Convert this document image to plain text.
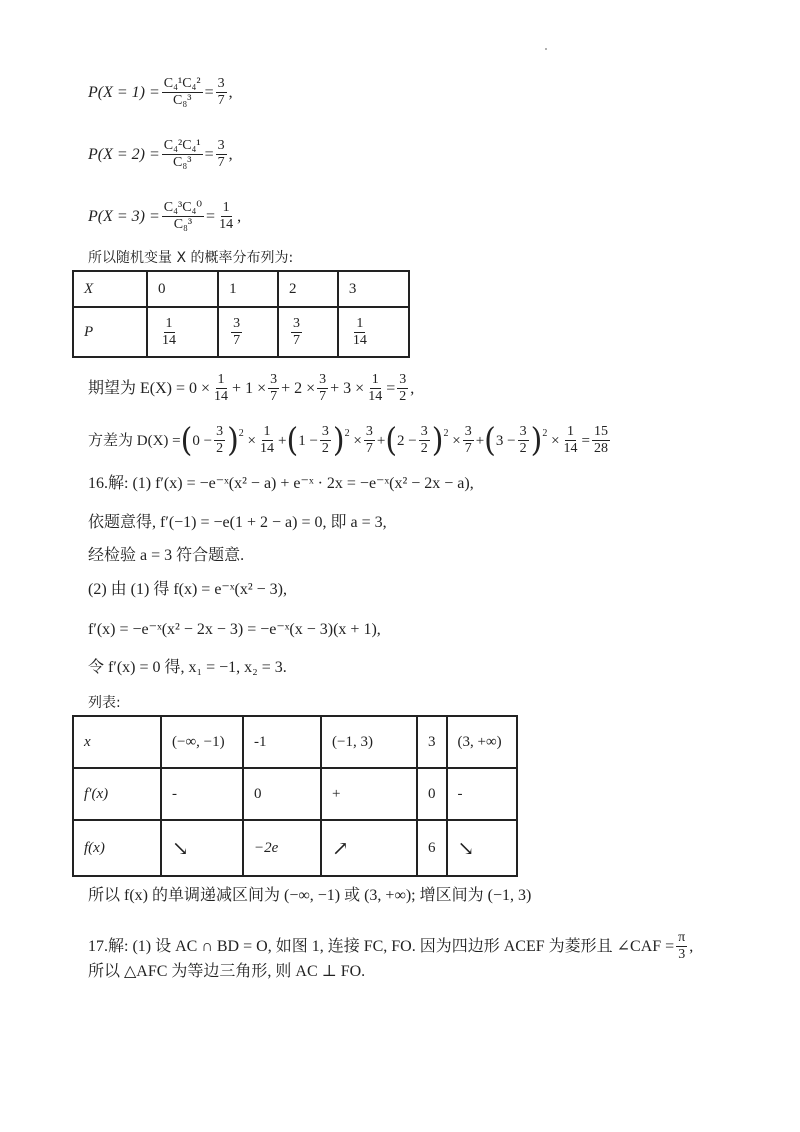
$P(X = 1) = \frac{\text{C₄¹C₄²}}{\text{C₈³}} = \frac{3}{7}$ ,
$P(X = 2) = \frac{\text{C₄²C₄¹}}{\text{C₈³}} = \frac{3}{7}$ ,
$P(X = 3) = \frac{\text{C₄³C₄⁰}}{\text{C₈³}} = \frac{1}{14}$ ,
所以随机变量 X 的概率分布列为:
X	0	1	2	3
P	$\frac{1}{14}$	$\frac{3}{7}$	$\frac{3}{7}$	$\frac{1}{14}$
期望为 $E(X) = 0 \times \frac{1}{14} + 1 \times \frac{3}{7} + 2 \times \frac{3}{7} + 3 \times \frac{1}{14} = \frac{3}{2}$ ,
方差为 D(X) = ( $0 - \frac{3}{2} )^2 \times \frac{1}{14}$ + ( $1 - \frac{3}{2} )^2 \times \frac{3}{7}$ + ( $2 - \frac{3}{2} )^2 \times \frac{3}{7}$ + ( $3 - \frac{3}{2} )^2 \times \frac{1}{14} = \frac{15}{28}$
16.解: (1) f′(x) = −e⁻ˣ(x² − a) + e⁻ˣ · 2x = −e⁻ˣ(x² − 2x − a),
依题意得, f′(−1) = −e(1 + 2 − a) = 0, 即 a = 3,
经检验 a = 3 符合题意.
(2) 由 (1) 得 f(x) = e⁻ˣ(x² − 3),
f′(x) = −e⁻ˣ(x² − 2x − 3) = −e⁻ˣ(x − 3)(x + 1),
令 f′(x) = 0 得, x₁ = −1, x₂ = 3.
列表:
x	(−∞, −1)	-1	(−1, 3)	3	(3, +∞)
f′(x)	-	0	+	0	-
f(x)	↘	−2e	↗	6	↘
所以 f(x) 的单调递减区间为 (−∞, −1) 或 (3, +∞); 增区间为 (−1, 3)
17.解: (1) 设 AC ∩ BD = O, 如图 1, 连接 FC, FO. 因为四边形 ACEF 为菱形且 ∠CAF = $\frac{\pi}{3}$ ,
所以 △AFC 为等边三角形, 则 AC ⊥ FO.
